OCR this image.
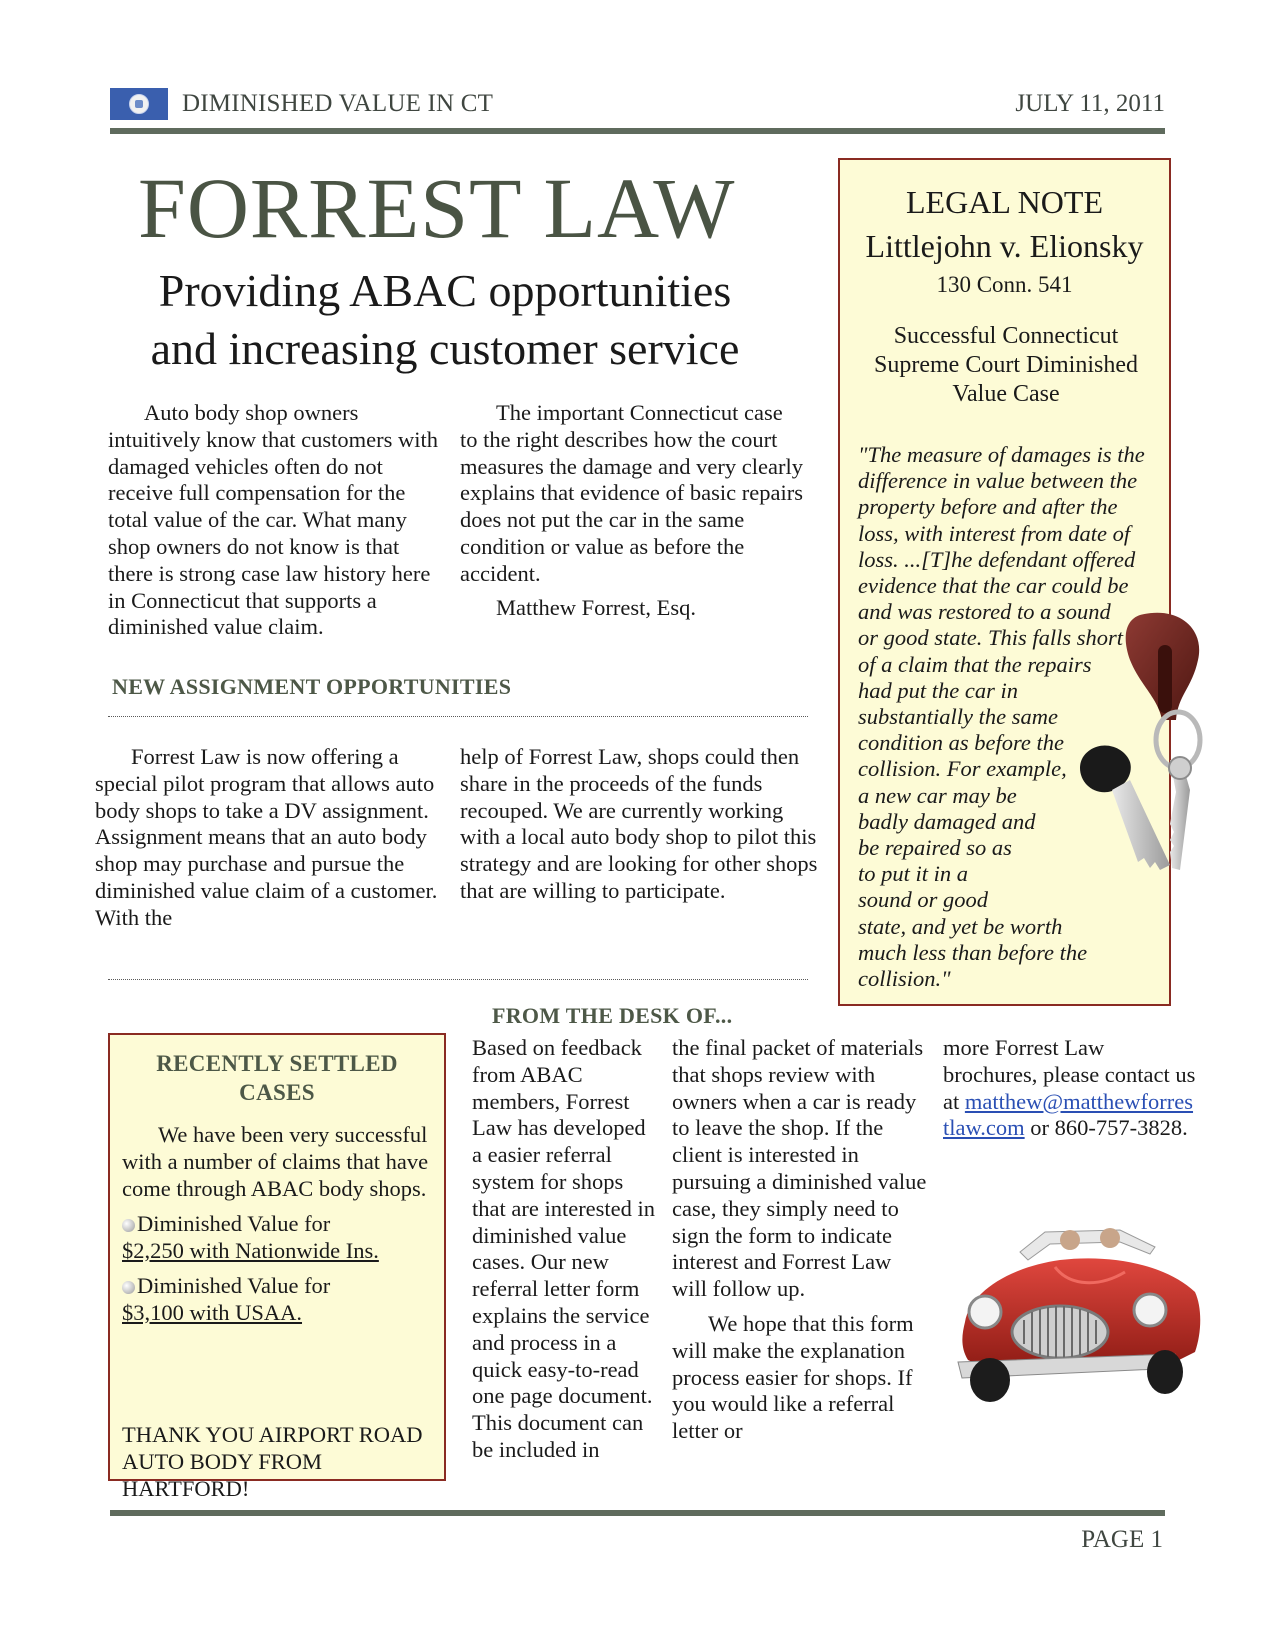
DIMINISHED VALUE IN CT	JULY 11, 2011
FORREST LAW
Providing ABAC opportunities
and increasing customer service
Auto body shop owners intuitively know that customers with damaged vehicles often do not receive full compensation for the total value of the car. What many shop owners do not know is that there is strong case law history here in Connecticut that supports a diminished value claim.
The important Connecticut case to the right describes how the court measures the damage and very clearly explains that evidence of basic repairs does not put the car in the same condition or value as before the accident.
Matthew Forrest, Esq.
NEW ASSIGNMENT OPPORTUNITIES
Forrest Law is now offering a special pilot program that allows auto body shops to take a DV assignment. Assignment means that an auto body shop may purchase and pursue the diminished value claim of a customer. With the
help of Forrest Law, shops could then share in the proceeds of the funds recouped. We are currently working with a local auto body shop to pilot this strategy and are looking for other shops that are willing to participate.
LEGAL NOTE
Littlejohn v. Elionsky
130 Conn. 541
Successful Connecticut Supreme Court Diminished Value Case
"The measure of damages is the
difference in value between the
property before and after the
loss, with interest from date of
loss. ...[T]he defendant offered
evidence that the car could be
and was restored to a sound
or good state. This falls short
of a claim that the repairs
had put the car in
substantially the same
condition as before the
collision. For example,
a new car may be
badly damaged and
be repaired so as
to put it in a
sound or good
state, and yet be worth
much less than before the
collision."
RECENTLY SETTLED
CASES
We have been very successful with a number of claims that have come through ABAC body shops.
Diminished Value for
$2,250 with Nationwide Ins.
Diminished Value for
$3,100 with USAA.
THANK YOU AIRPORT ROAD AUTO BODY FROM HARTFORD!
FROM THE DESK OF...
Based on feedback from ABAC members, Forrest Law has developed a easier referral system for shops that are interested in diminished value cases. Our new referral letter form explains the service and process in a quick easy-to-read one page document. This document can be included in
the final packet of materials that shops review with owners when a car is ready to leave the shop. If the client is interested in pursuing a diminished value case, they simply need to sign the form to indicate interest and Forrest Law will follow up.
We hope that this form will make the explanation process easier for shops. If you would like a referral letter or
more Forrest Law brochures, please contact us at matthew@matthewforrestlaw.com or 860-757-3828.
PAGE 1
